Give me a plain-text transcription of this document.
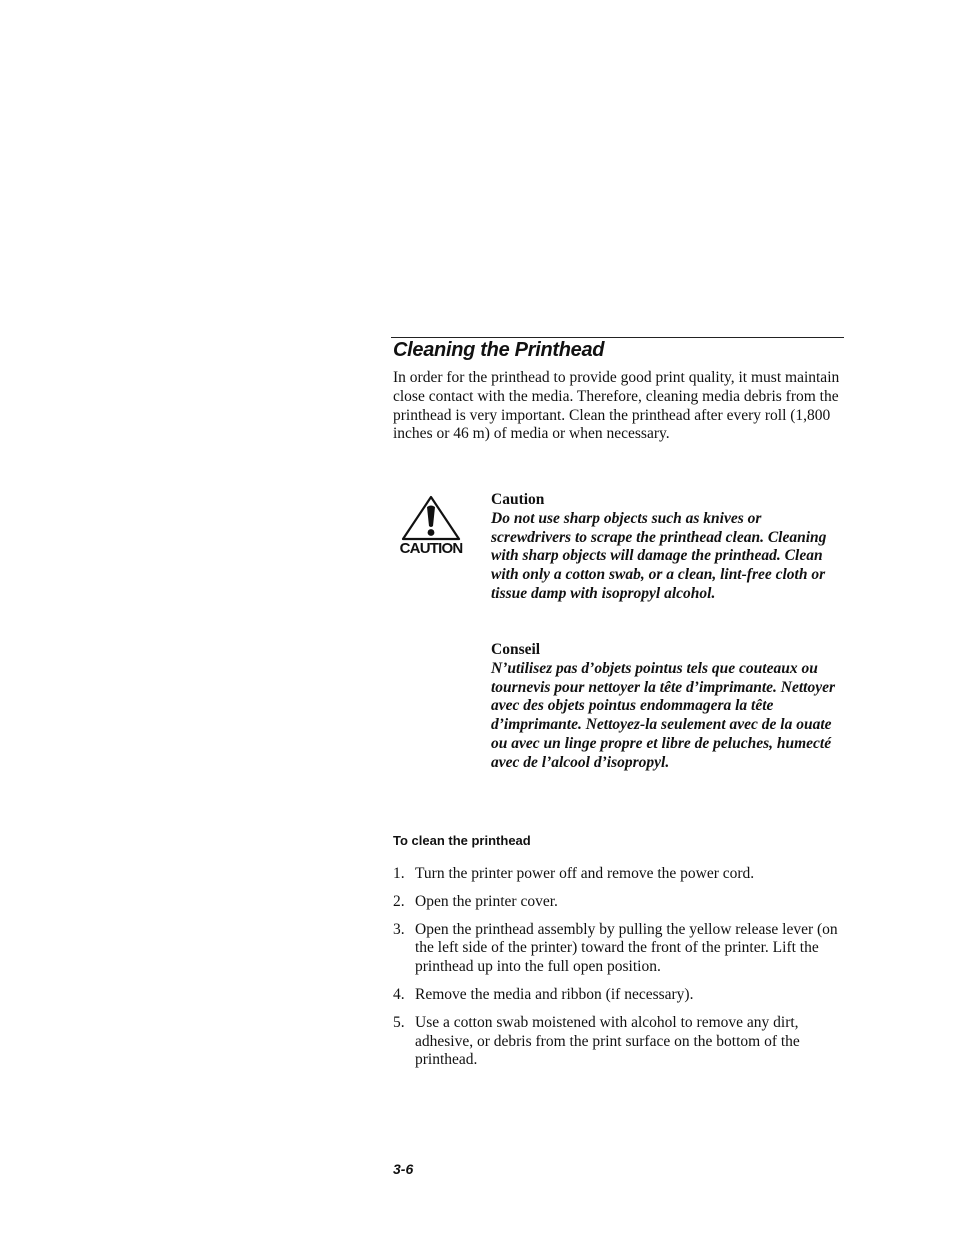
Cleaning the Printhead

In order for the printhead to provide good print quality, it must maintain close contact with the media. Therefore, cleaning media debris from the printhead is very important. Clean the printhead after every roll (1,800 inches or 46 m) of media or when necessary.

CAUTION

Caution

Do not use sharp objects such as knives or screwdrivers to scrape the printhead clean. Cleaning with sharp objects will damage the printhead. Clean with only a cotton swab, or a clean, lint-free cloth or tissue damp with isopropyl alcohol.

Conseil

N’utilisez pas d’objets pointus tels que couteaux ou tournevis pour nettoyer la tête d’imprimante. Nettoyer avec des objets pointus endommagera la tête d’imprimante. Nettoyez-la seulement avec de la ouate ou avec un linge propre et libre de peluches, humecté avec de l’alcool d’isopropyl.

To clean the printhead
1. Turn the printer power off and remove the power cord.
2. Open the printer cover.
3. Open the printhead assembly by pulling the yellow release lever (on the left side of the printer) toward the front of the printer. Lift the printhead up into the full open position.
4. Remove the media and ribbon (if necessary).
5. Use a cotton swab moistened with alcohol to remove any dirt, adhesive, or debris from the print surface on the bottom of the printhead.
3-6
